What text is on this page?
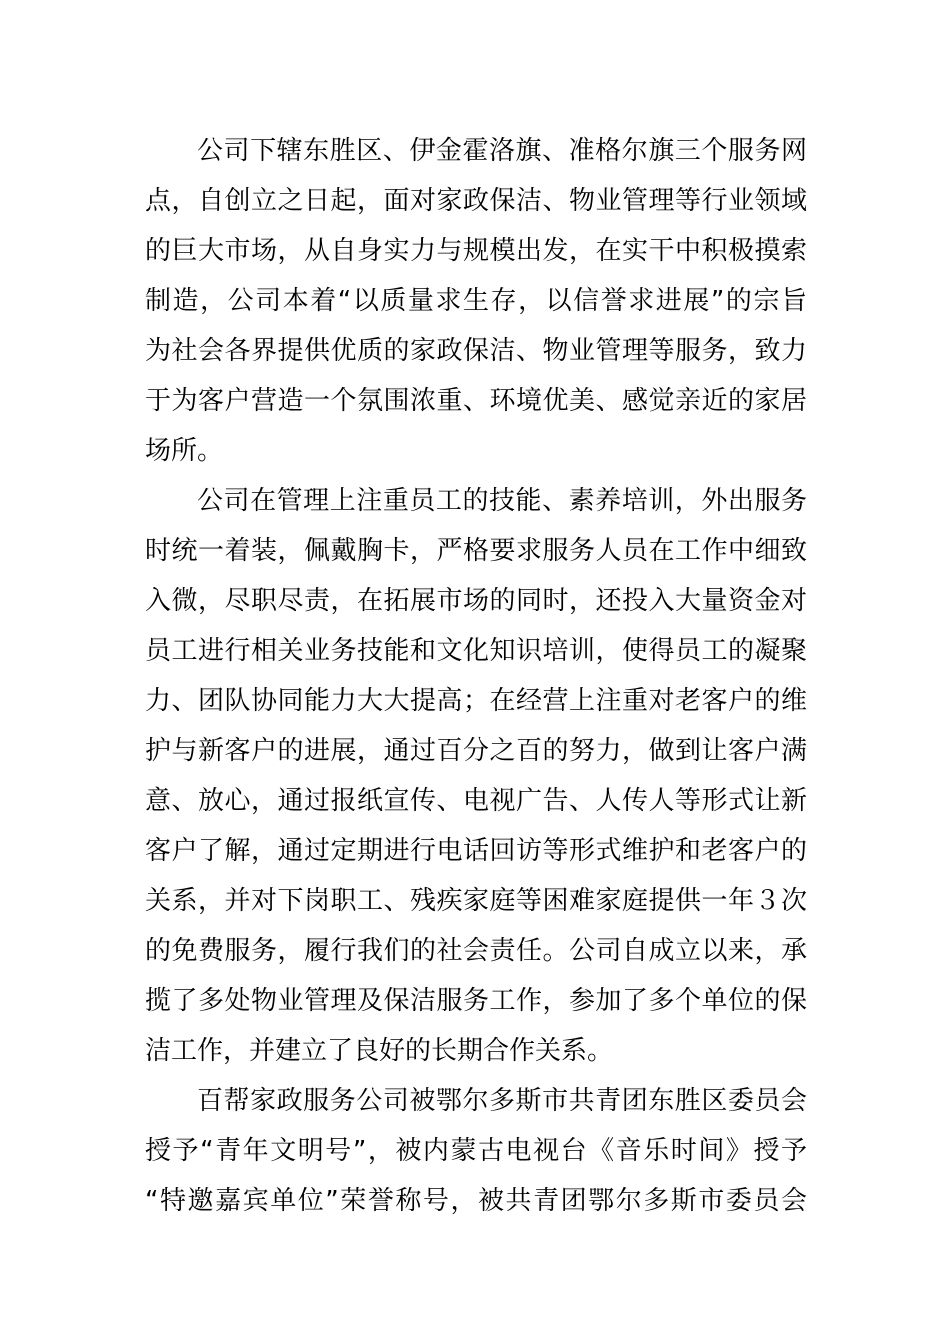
公司下辖东胜区、伊金霍洛旗、准格尔旗三个服务网
点，自创立之日起，面对家政保洁、物业管理等行业领域
的巨大市场，从自身实力与规模出发，在实干中积极摸索
制造，公司本着“以质量求生存，以信誉求进展”的宗旨
为社会各界提供优质的家政保洁、物业管理等服务，致力
于为客户营造一个氛围浓重、环境优美、感觉亲近的家居
场所。
公司在管理上注重员工的技能、素养培训，外出服务
时统一着装，佩戴胸卡，严格要求服务人员在工作中细致
入微，尽职尽责，在拓展市场的同时，还投入大量资金对
员工进行相关业务技能和文化知识培训，使得员工的凝聚
力、团队协同能力大大提高；在经营上注重对老客户的维
护与新客户的进展，通过百分之百的努力，做到让客户满
意、放心，通过报纸宣传、电视广告、人传人等形式让新
客户了解，通过定期进行电话回访等形式维护和老客户的
关系，并对下岗职工、残疾家庭等困难家庭提供一年３次
的免费服务，履行我们的社会责任。公司自成立以来，承
揽了多处物业管理及保洁服务工作，参加了多个单位的保
洁工作，并建立了良好的长期合作关系。
百帮家政服务公司被鄂尔多斯市共青团东胜区委员会
授予“青年文明号”，被内蒙古电视台《音乐时间》授予
“特邀嘉宾单位”荣誉称号，被共青团鄂尔多斯市委员会
